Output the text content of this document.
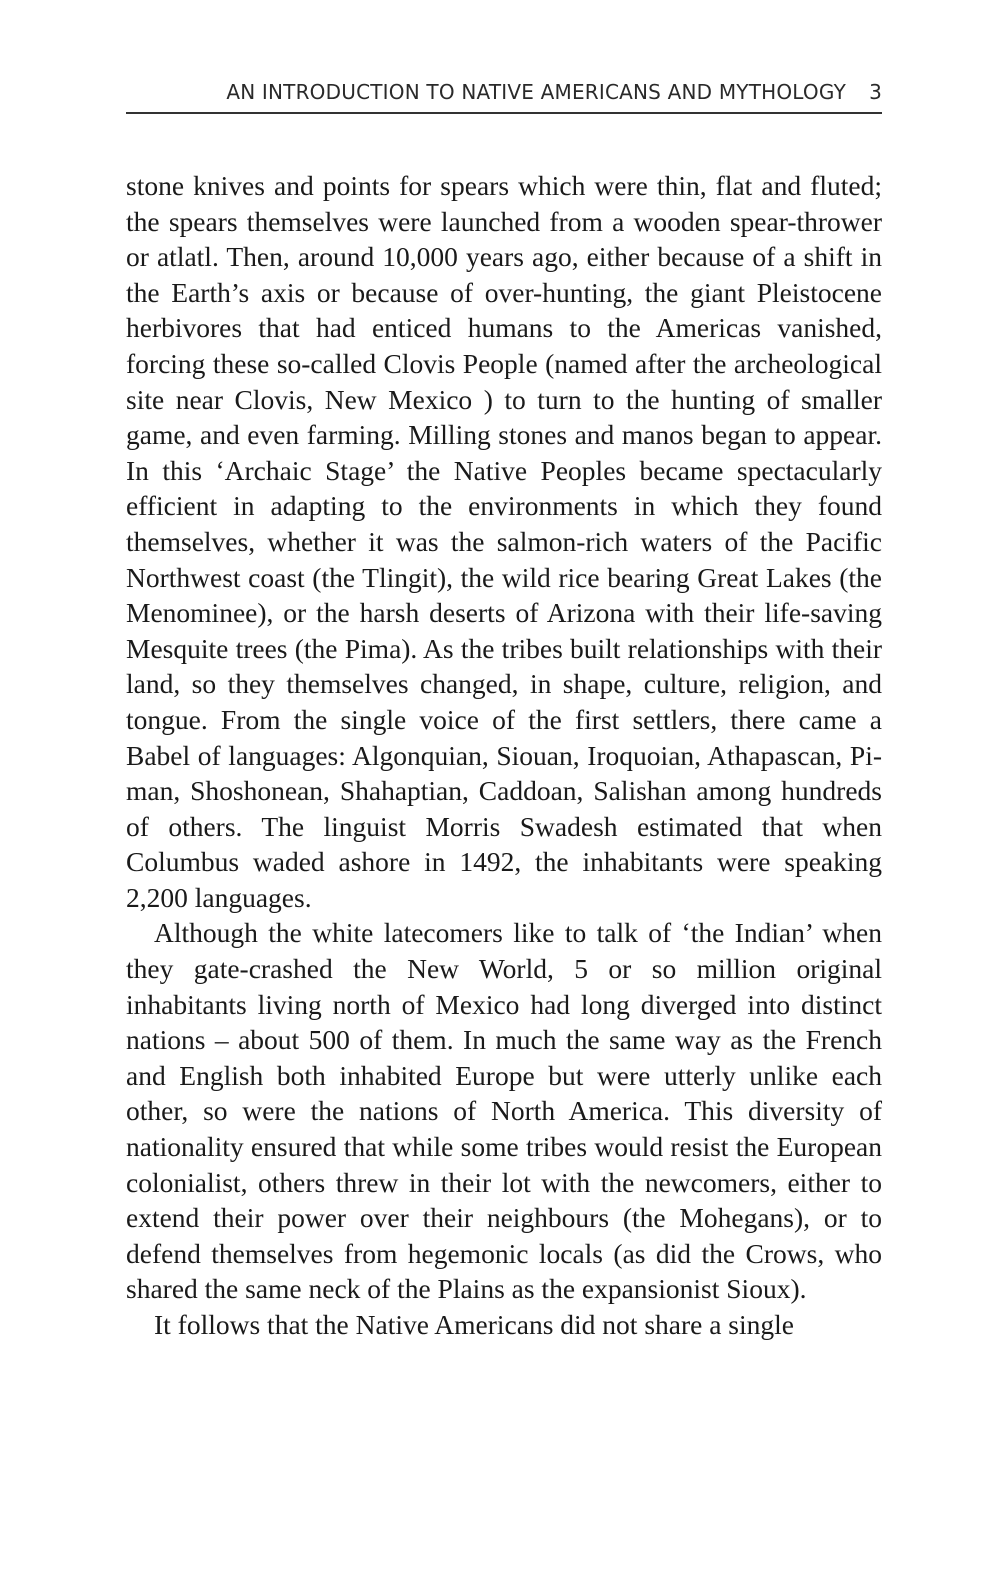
AN INTRODUCTION TO NATIVE AMERICANS AND MYTHOLOGY 3

stone knives and points for spears which were thin, flat and fluted; the spears themselves were launched from a wooden spear-thrower or atlatl. Then, around 10,000 years ago, either because of a shift in the Earth’s axis or because of over-hunting, the giant Pleistocene herbivores that had enticed humans to the Americas vanished, forcing these so-called Clovis People (named after the archeological site near Clovis, New Mexico ) to turn to the hunting of smaller game, and even farming. Milling stones and manos began to appear. In this ‘Archaic Stage’ the Native Peoples became spectacularly efficient in adapting to the environments in which they found themselves, whether it was the salmon-rich waters of the Pacific Northwest coast (the Tlingit), the wild rice bearing Great Lakes (the Menominee), or the harsh deserts of Arizona with their life-saving Mesquite trees (the Pima). As the tribes built relationships with their land, so they themselves changed, in shape, culture, religion, and tongue. From the single voice of the first settlers, there came a Babel of languages: Algonquian, Siouan, Iroquoian, Athapascan, Pi-man, Shoshonean, Shahaptian, Caddoan, Salishan among hundreds of others. The linguist Morris Swadesh estimated that when Columbus waded ashore in 1492, the inhabitants were speaking 2,200 languages.

Although the white latecomers like to talk of ‘the Indian’ when they gate-crashed the New World, 5 or so million original inhabitants living north of Mexico had long diverged into distinct nations – about 500 of them. In much the same way as the French and English both inhabited Europe but were utterly unlike each other, so were the nations of North America. This diversity of nationality ensured that while some tribes would resist the European colonialist, others threw in their lot with the newcomers, either to extend their power over their neighbours (the Mohegans), or to defend themselves from hegemonic locals (as did the Crows, who shared the same neck of the Plains as the expansionist Sioux).

It follows that the Native Americans did not share a single
